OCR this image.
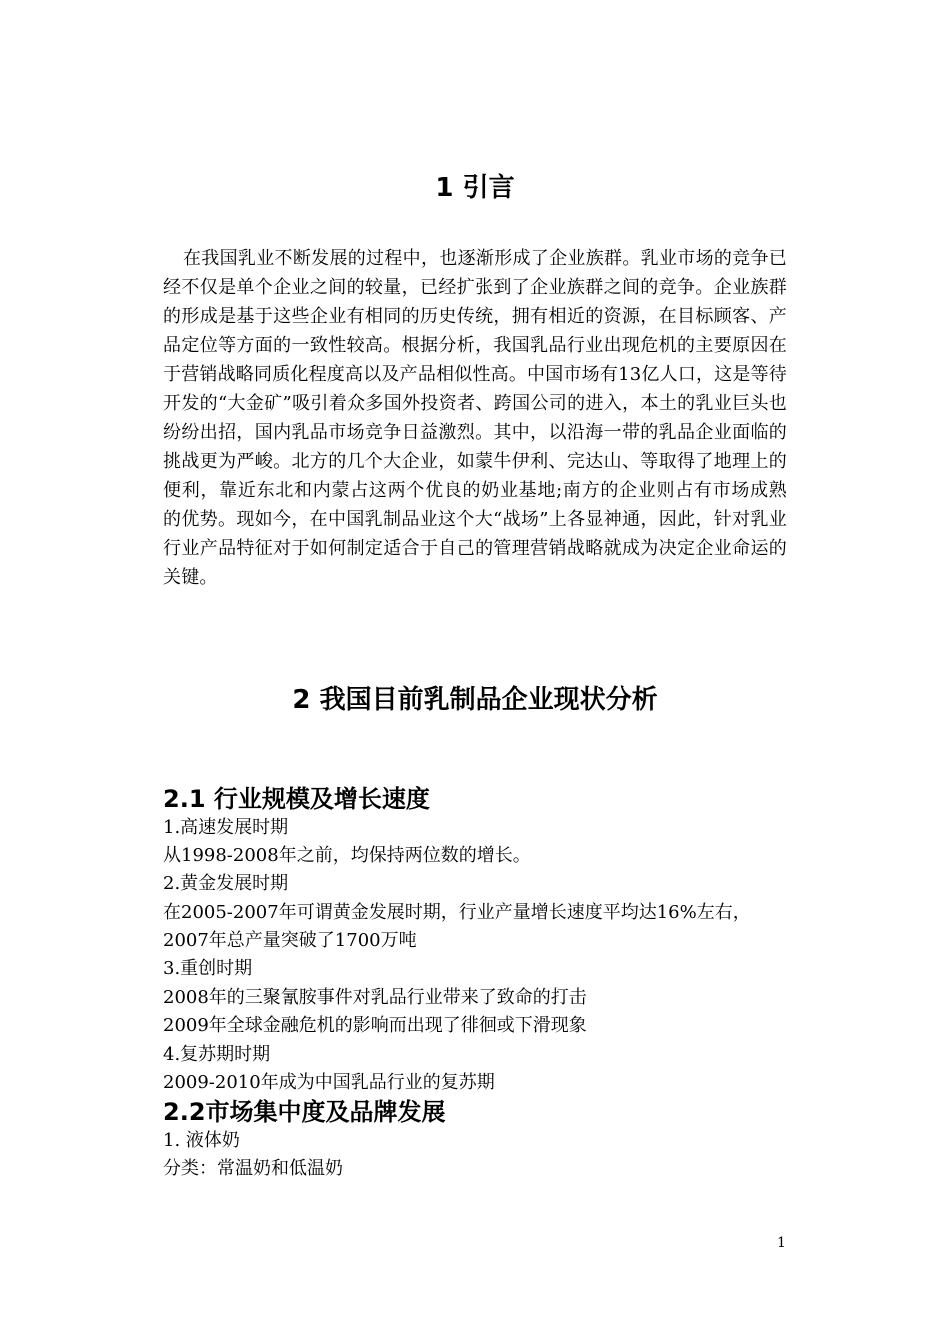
1 引言

在我国乳业不断发展的过程中，也逐渐形成了企业族群。乳业市场的竞争已经不仅是单个企业之间的较量，已经扩张到了企业族群之间的竞争。企业族群的形成是基于这些企业有相同的历史传统，拥有相近的资源，在目标顾客、产品定位等方面的一致性较高。根据分析，我国乳品行业出现危机的主要原因在于营销战略同质化程度高以及产品相似性高。中国市场有13亿人口，这是等待开发的“大金矿”吸引着众多国外投资者、跨国公司的进入，本土的乳业巨头也纷纷出招，国内乳品市场竞争日益激烈。其中，以沿海一带的乳品企业面临的挑战更为严峻。北方的几个大企业，如蒙牛伊利、完达山、等取得了地理上的便利，靠近东北和内蒙占这两个优良的奶业基地;南方的企业则占有市场成熟的优势。现如今，在中国乳制品业这个大“战场”上各显神通，因此，针对乳业行业产品特征对于如何制定适合于自己的管理营销战略就成为决定企业命运的关键。

2 我国目前乳制品企业现状分析
2.1 行业规模及增长速度
1.高速发展时期
从1998-2008年之前，均保持两位数的增长。
2.黄金发展时期
在2005-2007年可谓黄金发展时期，行业产量增长速度平均达16%左右，2007年总产量突破了1700万吨
3.重创时期
2008年的三聚氰胺事件对乳品行业带来了致命的打击
2009年全球金融危机的影响而出现了徘徊或下滑现象
4.复苏期时期
2009-2010年成为中国乳品行业的复苏期
2.2市场集中度及品牌发展
1. 液体奶
分类：常温奶和低温奶
1
